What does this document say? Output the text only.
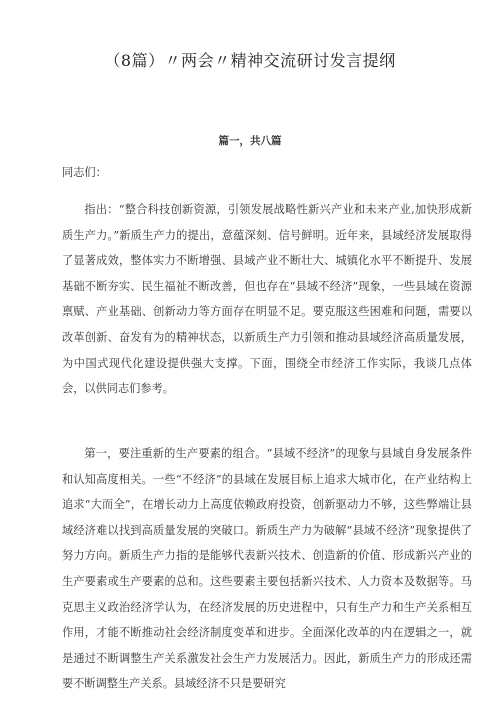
（8篇）〃两会〃精神交流研讨发言提纲
篇一，共八篇

同志们：

指出：“整合科技创新资源，引领发展战略性新兴产业和未来产业,加快形成新质生产力。”新质生产力的提出，意蕴深刻、信号鲜明。近年来，县域经济发展取得了显著成效，整体实力不断增强、县域产业不断壮大、城镇化水平不断提升、发展基础不断夯实、民生福祉不断改善，但也存在“县域不经济”现象，一些县域在资源禀赋、产业基础、创新动力等方面存在明显不足。要克服这些困难和问题，需要以改革创新、奋发有为的精神状态，以新质生产力引领和推动县域经济高质量发展，为中国式现代化建设提供强大支撑。下面，围绕全市经济工作实际，我谈几点体会，以供同志们参考。

第一，要注重新的生产要素的组合。“县域不经济”的现象与县域自身发展条件和认知高度相关。一些“不经济”的县域在发展目标上追求大城市化，在产业结构上追求“大而全”，在增长动力上高度依赖政府投资，创新驱动力不够，这些弊端让县域经济难以找到高质量发展的突破口。新质生产力为破解“县域不经济”现象提供了努力方向。新质生产力指的是能够代表新兴技术、创造新的价值、形成新兴产业的生产要素或生产要素的总和。这些要素主要包括新兴技术、人力资本及数据等。马克思主义政治经济学认为，在经济发展的历史进程中，只有生产力和生产关系相互作用，才能不断推动社会经济制度变革和进步。全面深化改革的内在逻辑之一，就是通过不断调整生产关系激发社会生产力发展活力。因此，新质生产力的形成还需要不断调整生产关系。县域经济不只是要研究
